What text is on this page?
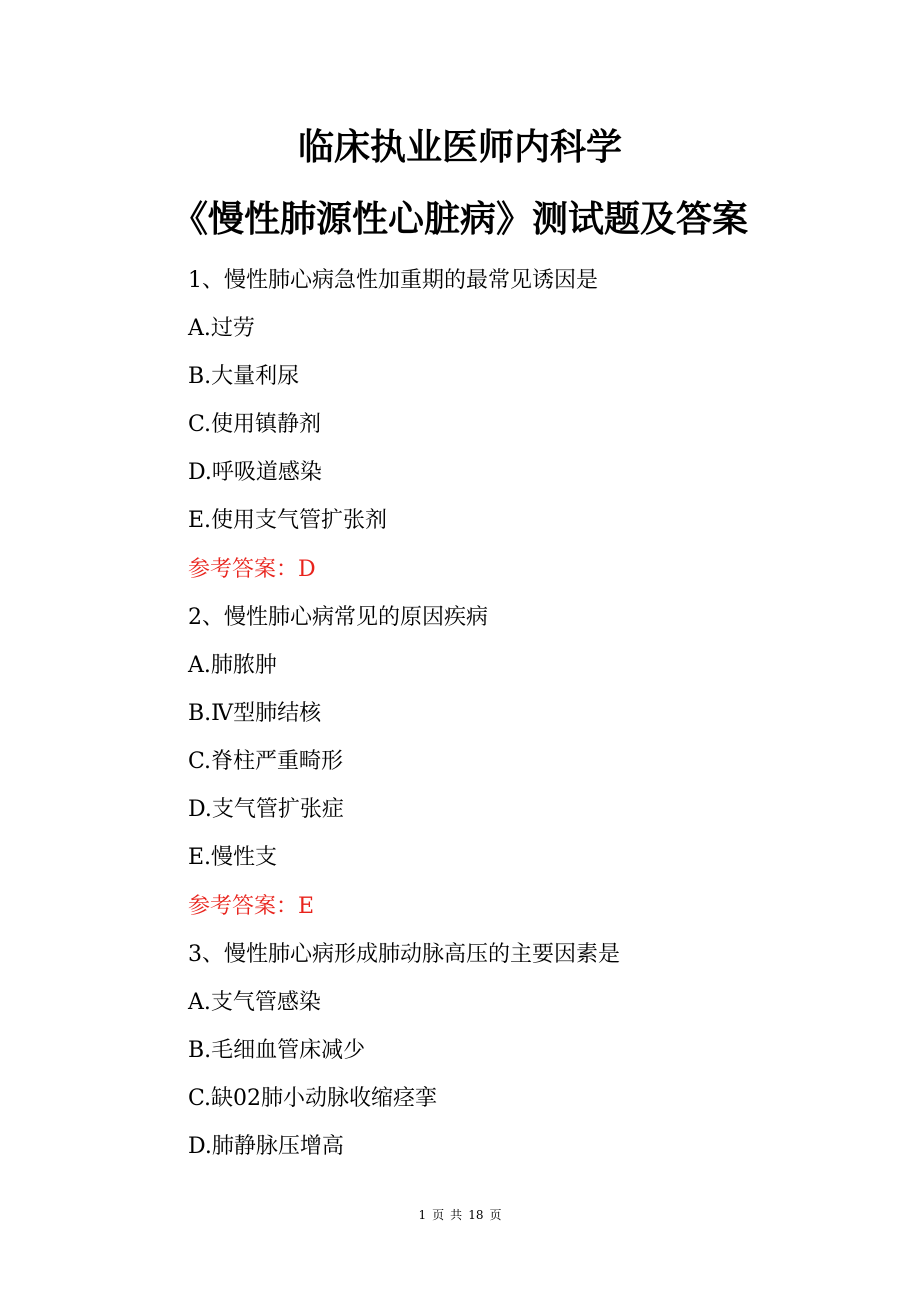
临床执业医师内科学
《慢性肺源性心脏病》测试题及答案
1、慢性肺心病急性加重期的最常见诱因是
A.过劳
B.大量利尿
C.使用镇静剂
D.呼吸道感染
E.使用支气管扩张剂
参考答案：D
2、慢性肺心病常见的原因疾病
A.肺脓肿
B.Ⅳ型肺结核
C.脊柱严重畸形
D.支气管扩张症
E.慢性支
参考答案：E
3、慢性肺心病形成肺动脉高压的主要因素是
A.支气管感染
B.毛细血管床减少
C.缺02肺小动脉收缩痉挛
D.肺静脉压增高
1 页 共 18 页
